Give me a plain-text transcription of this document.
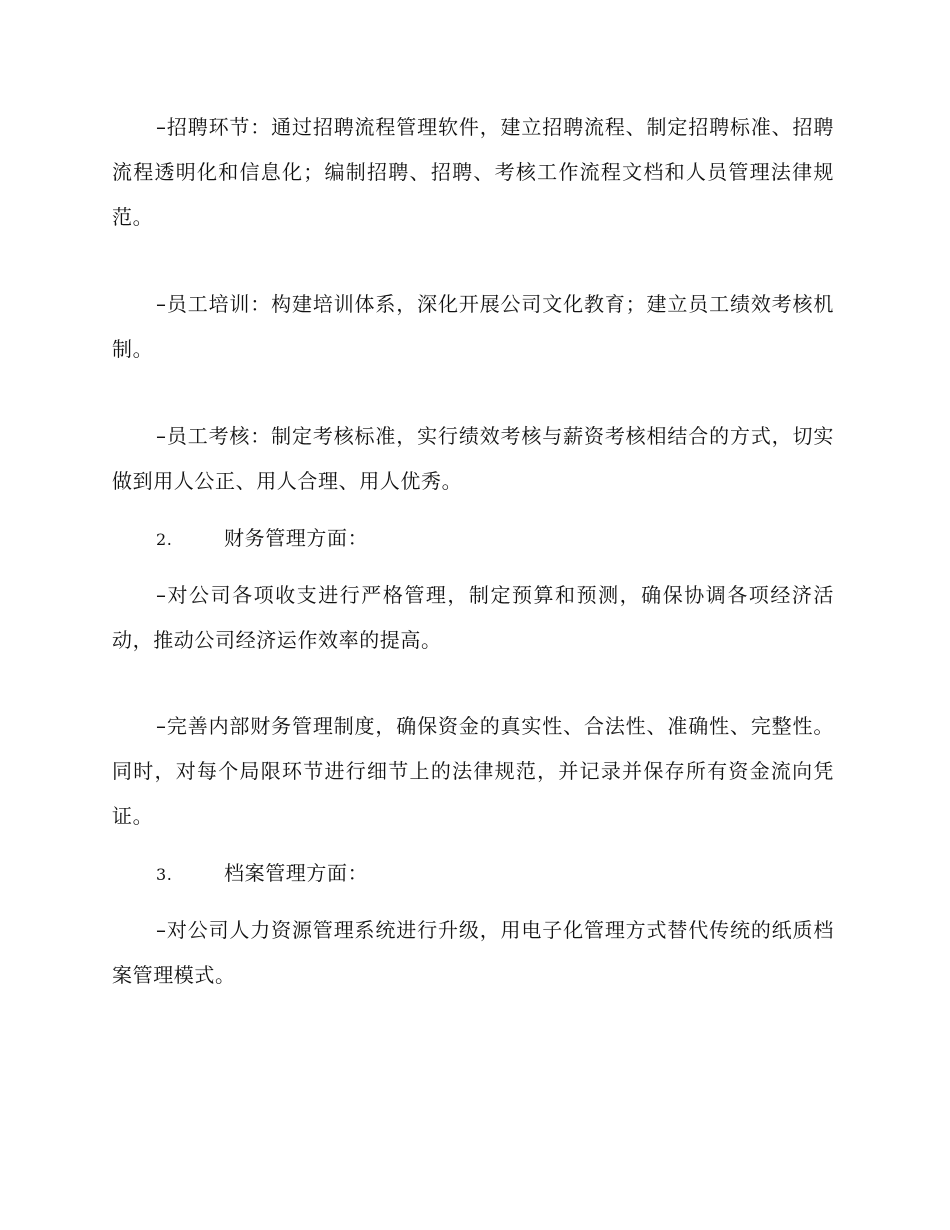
–招聘环节：通过招聘流程管理软件，建立招聘流程、制定招聘标准、招聘流程透明化和信息化；编制招聘、招聘、考核工作流程文档和人员管理法律规范。

–员工培训：构建培训体系，深化开展公司文化教育；建立员工绩效考核机制。

–员工考核：制定考核标准，实行绩效考核与薪资考核相结合的方式，切实做到用人公正、用人合理、用人优秀。

2.	财务管理方面：

–对公司各项收支进行严格管理，制定预算和预测，确保协调各项经济活动，推动公司经济运作效率的提高。

–完善内部财务管理制度，确保资金的真实性、合法性、准确性、完整性。同时，对每个局限环节进行细节上的法律规范，并记录并保存所有资金流向凭证。

3.	档案管理方面：

–对公司人力资源管理系统进行升级，用电子化管理方式替代传统的纸质档案管理模式。
